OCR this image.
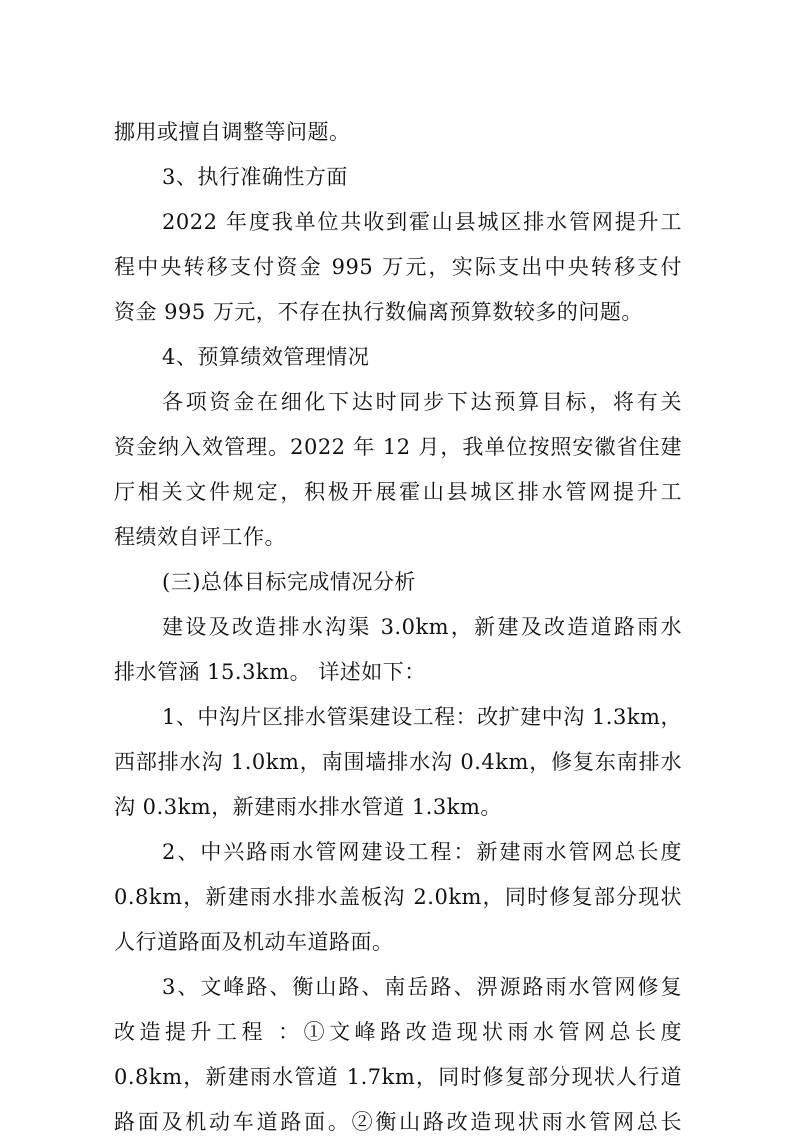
挪用或擅自调整等问题。
3、执行准确性方面
2022 年度我单位共收到霍山县城区排水管网提升工
程中央转移支付资金 995 万元，实际支出中央转移支付
资金 995 万元，不存在执行数偏离预算数较多的问题。
4、预算绩效管理情况
各项资金在细化下达时同步下达预算目标，将有关
资金纳入效管理。2022 年 12 月，我单位按照安徽省住建
厅相关文件规定，积极开展霍山县城区排水管网提升工
程绩效自评工作。
(三)总体目标完成情况分析
建设及改造排水沟渠 3.0km，新建及改造道路雨水
排水管涵 15.3km。 详述如下：
1、中沟片区排水管渠建设工程：改扩建中沟 1.3km，
西部排水沟 1.0km，南围墙排水沟 0.4km，修复东南排水
沟 0.3km，新建雨水排水管道 1.3km。
2、中兴路雨水管网建设工程：新建雨水管网总长度
0.8km，新建雨水排水盖板沟 2.0km，同时修复部分现状
人行道路面及机动车道路面。
3、文峰路、衡山路、南岳路、淠源路雨水管网修复
改造提升工程 ：①文峰路改造现状雨水管网总长度
0.8km，新建雨水管道 1.7km，同时修复部分现状人行道
路面及机动车道路面。②衡山路改造现状雨水管网总长
